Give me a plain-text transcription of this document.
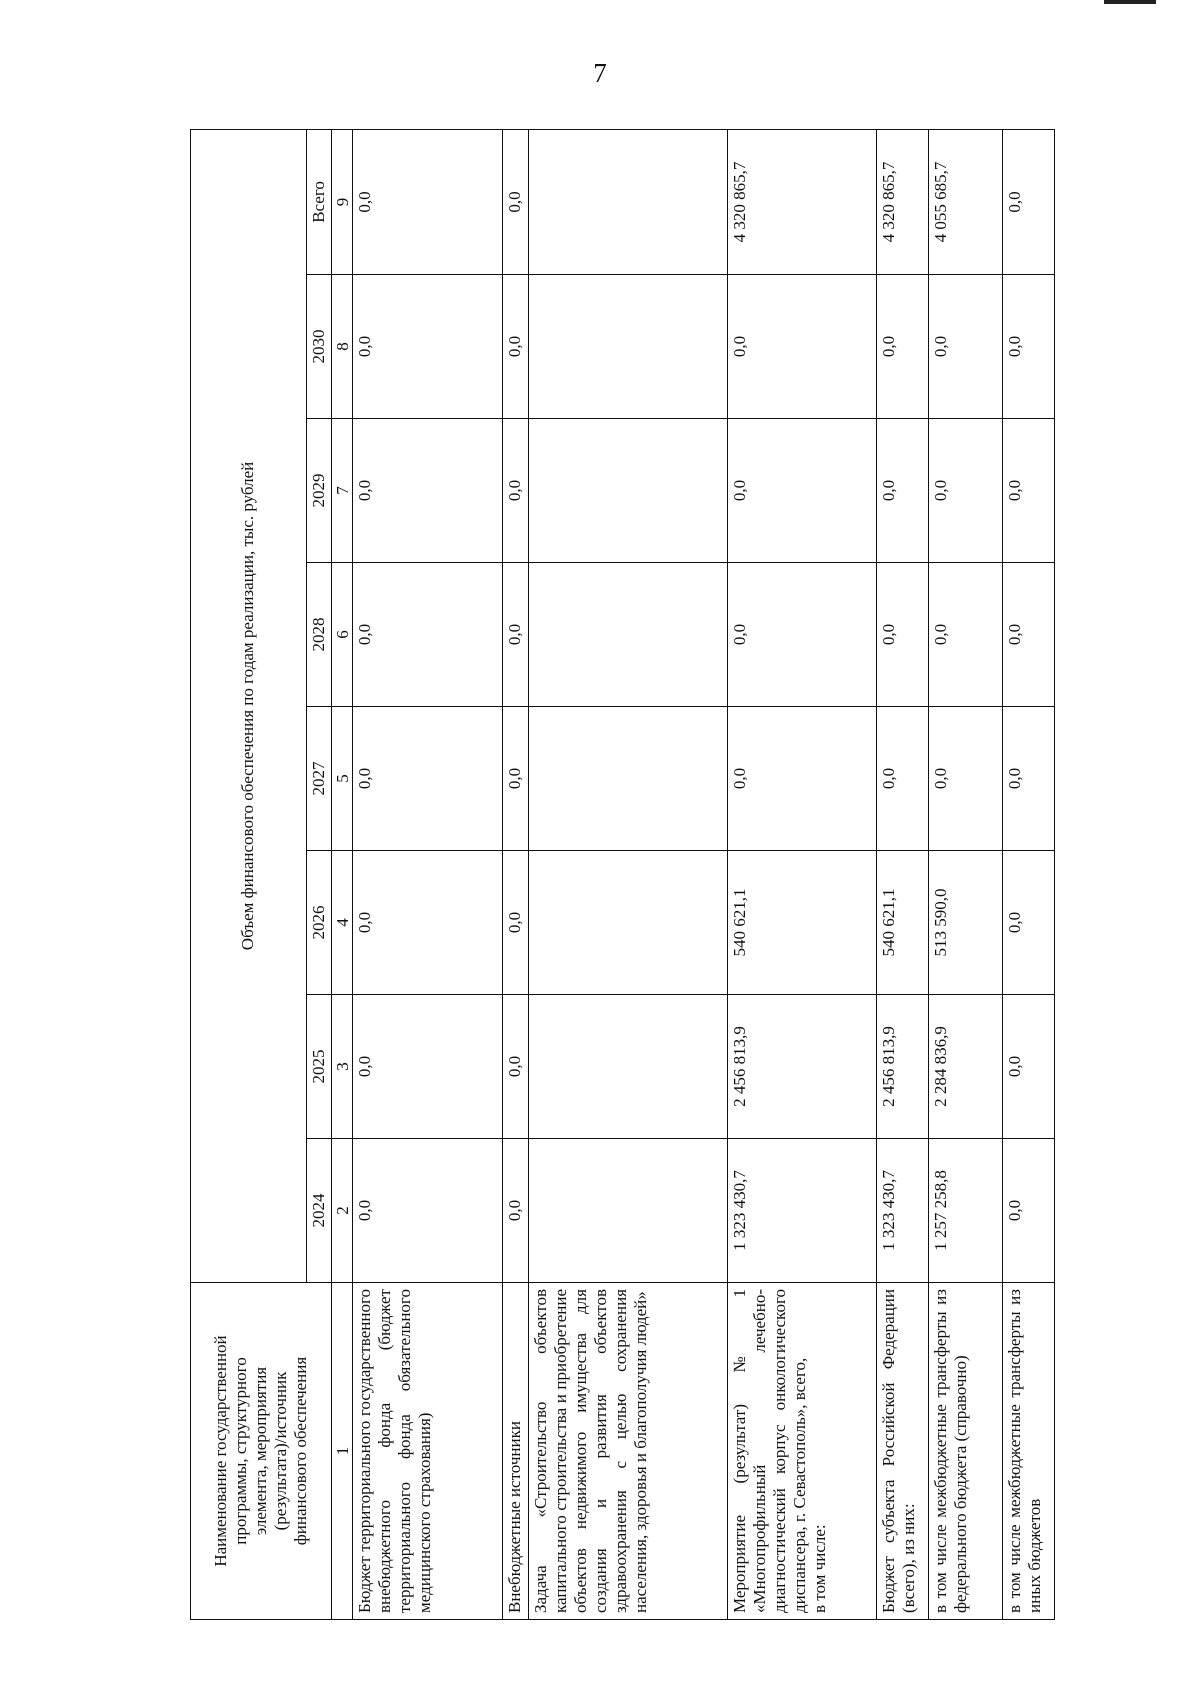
7
Наименование государственной программы, структурного элемента, мероприятия (результата)/источник финансового обеспечения	Объем финансового обеспечения по годам реализации, тыс. рублей							
	2024	2025	2026	2027	2028	2029	2030	Всего
1	2	3	4	5	6	7	8	9
Бюджет территориального государственного внебюджетного фонда (бюджет территориального фонда обязательного медицинского страхования)	0,0	0,0	0,0	0,0	0,0	0,0	0,0	0,0
Внебюджетные источники	0,0	0,0	0,0	0,0	0,0	0,0	0,0	0,0
Задача «Строительство объектов капитального строительства и приобретение объектов недвижимого имущества для создания и развития объектов здравоохранения с целью сохранения населения, здоровья и благополучия людей»								
Мероприятие (результат) № 1 «Многопрофильный лечебно-диагностический корпус онкологического диспансера, г. Севастополь», всего,
в том числе:	1 323 430,7	2 456 813,9	540 621,1	0,0	0,0	0,0	0,0	4 320 865,7
Бюджет субъекта Российской Федерации (всего), из них:	1 323 430,7	2 456 813,9	540 621,1	0,0	0,0	0,0	0,0	4 320 865,7
в том числе межбюджетные трансферты из федерального бюджета (справочно)	1 257 258,8	2 284 836,9	513 590,0	0,0	0,0	0,0	0,0	4 055 685,7
в том числе межбюджетные трансферты из иных бюджетов	0,0	0,0	0,0	0,0	0,0	0,0	0,0	0,0
